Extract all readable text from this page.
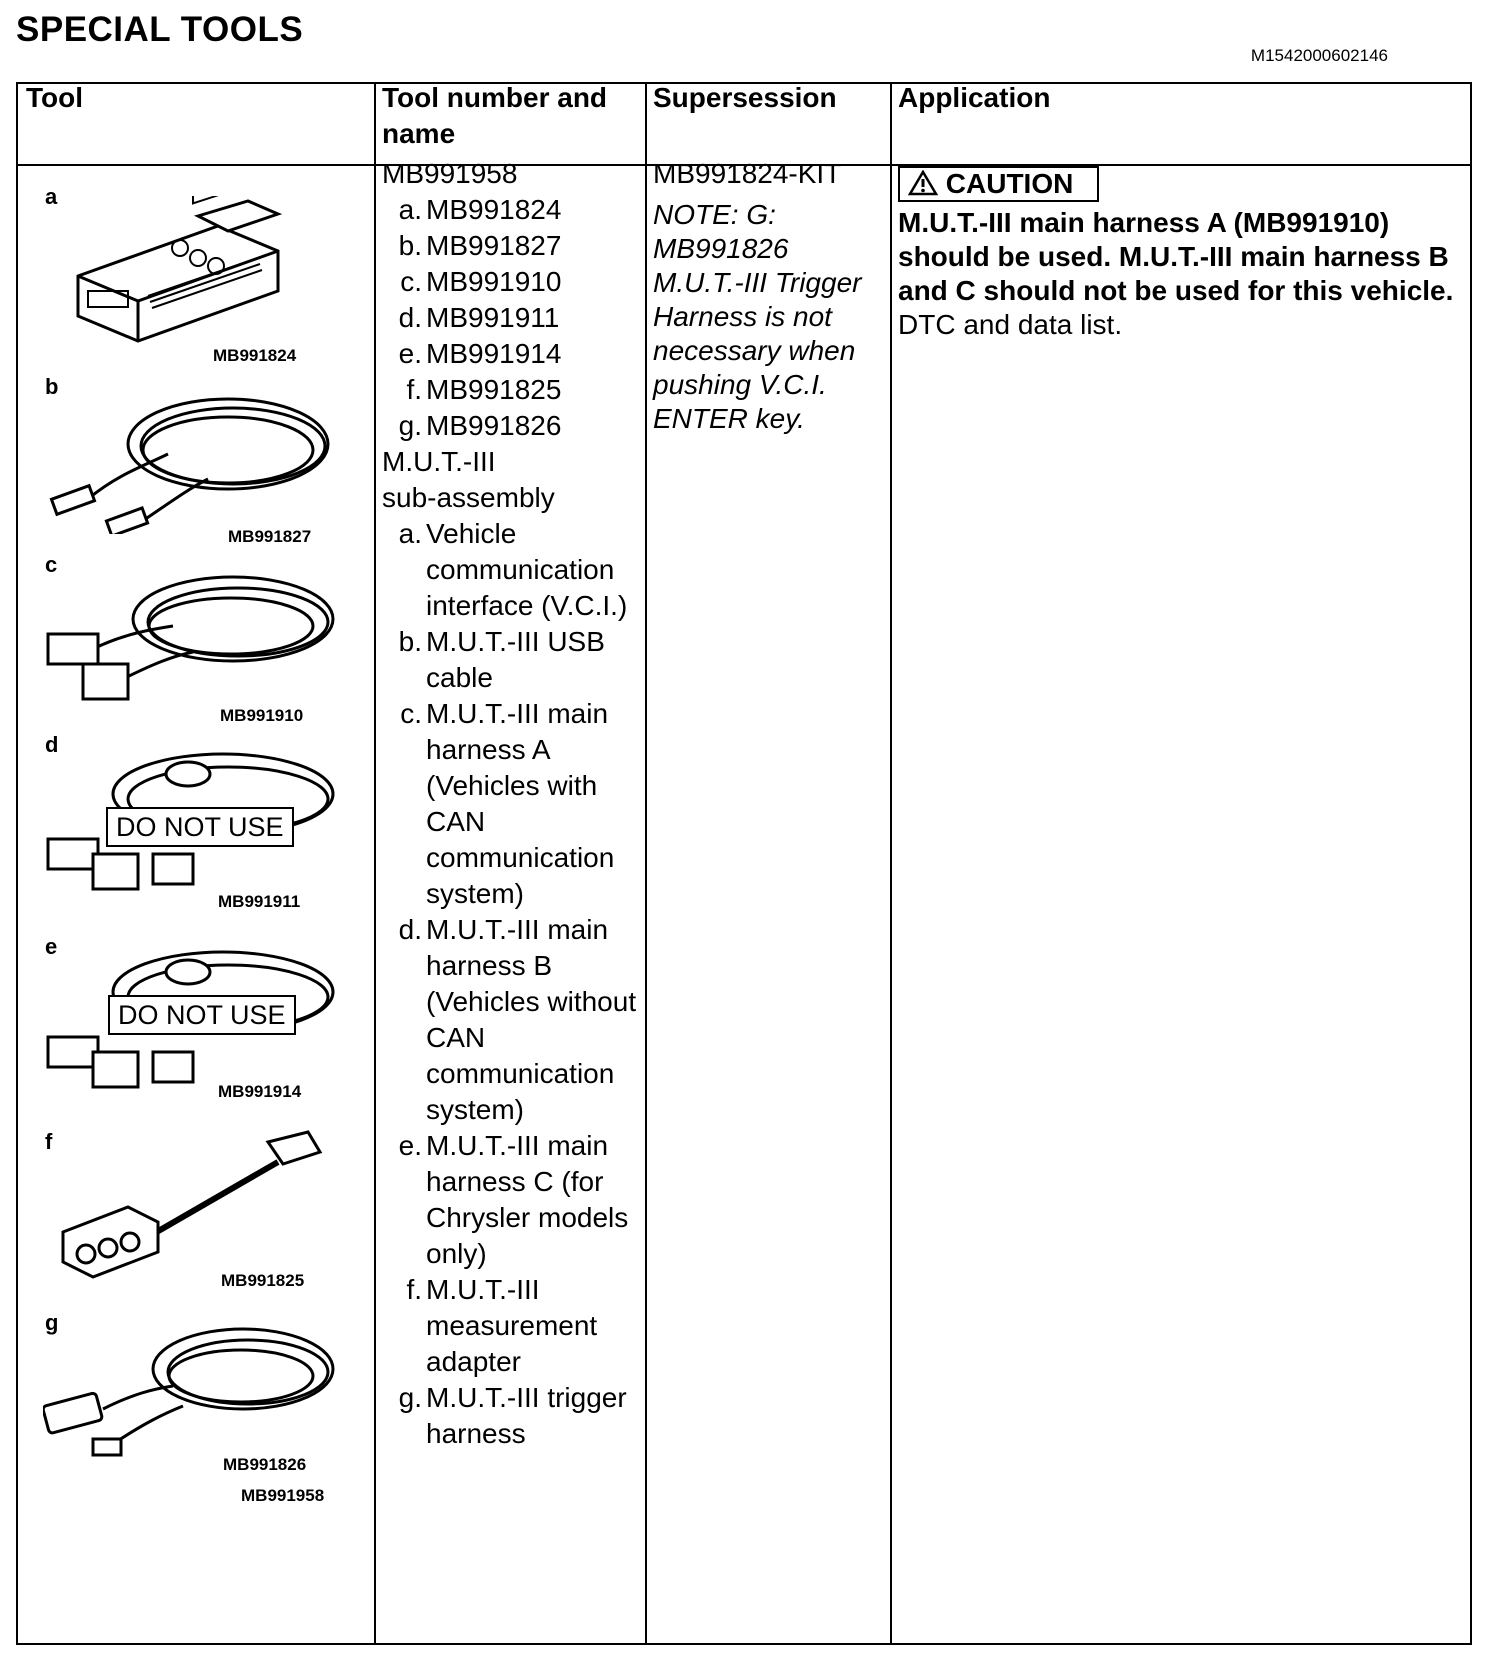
SPECIAL TOOLS
M1542000602146
Tool	Tool number and name
Supersession Application
a
MB991824
b
MB991827
c
MB991910
d
DO NOT USE
MB991911
e
DO NOT USE
MB991914
f
MB991825
g
MB991826
MB991958
MB991958
a. MB991824
b. MB991827
c. MB991910
d. MB991911
e. MB991914
f. MB991825
g. MB991826
M.U.T.-III
sub-assembly
a. Vehicle communication interface (V.C.I.)
b. M.U.T.-III USB cable
c. M.U.T.-III main harness A (Vehicles with CAN communication system)
d. M.U.T.-III main harness B (Vehicles without CAN communication system)
e. M.U.T.-III main harness C (for Chrysler models only)
f. M.U.T.-III measurement adapter
g. M.U.T.-III trigger harness
MB991824-KIT
NOTE: G: MB991826 M.U.T.-III Trigger Harness is not necessary when pushing V.C.I. ENTER key.
CAUTION
M.U.T.-III main harness A (MB991910) should be used. M.U.T.-III main harness B and C should not be used for this vehicle.
DTC and data list.
